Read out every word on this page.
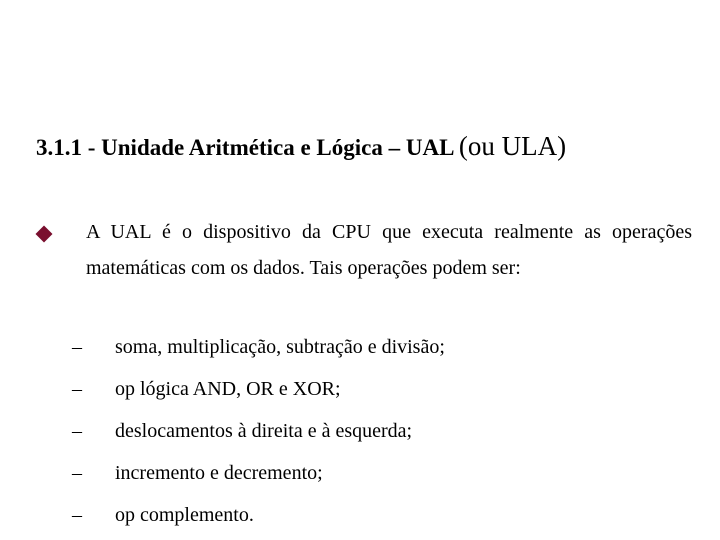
3.1.1 - Unidade Aritmética e Lógica – UAL (ou ULA)
A UAL é o dispositivo da CPU que executa realmente as operações matemáticas com os dados. Tais operações podem ser:
– soma, multiplicação, subtração e divisão;
– op lógica AND, OR e XOR;
– deslocamentos à direita e à esquerda;
– incremento e decremento;
– op complemento.
